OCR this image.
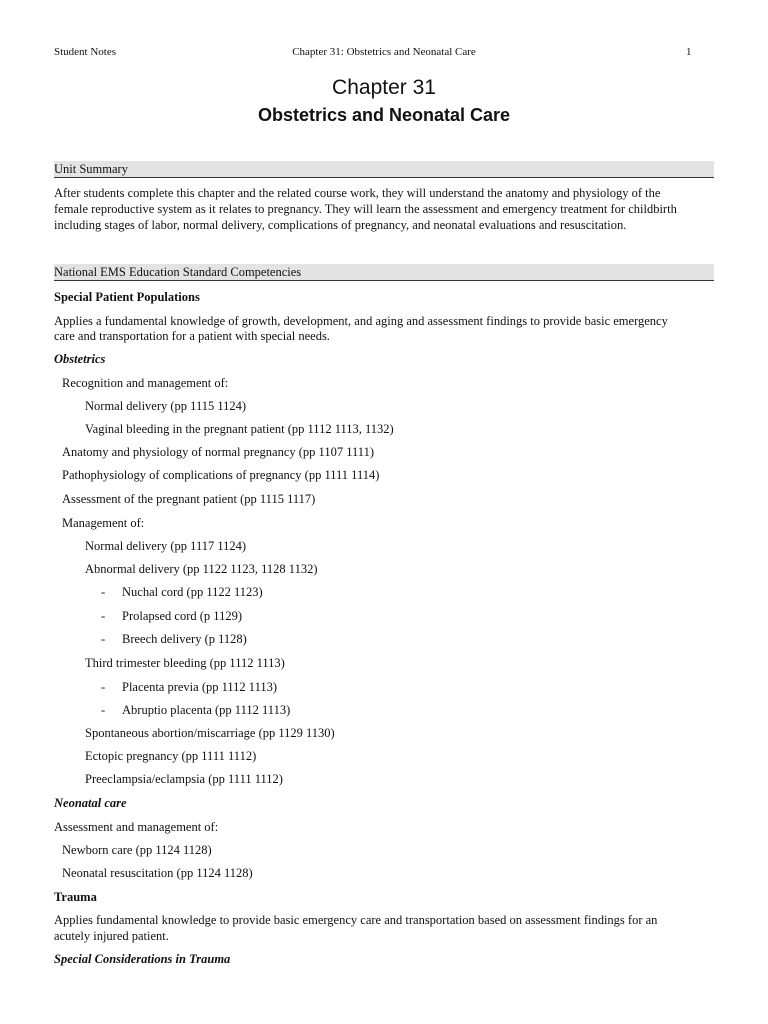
Student Notes	Chapter 31: Obstetrics and Neonatal Care	1
Chapter 31
Obstetrics and Neonatal Care
Unit Summary
After students complete this chapter and the related course work, they will understand the anatomy and physiology of the
female reproductive system as it relates to pregnancy. They will learn the assessment and emergency treatment for childbirth
including stages of labor, normal delivery, complications of pregnancy, and neonatal evaluations and resuscitation.
National EMS Education Standard Competencies
Special Patient Populations
Applies a fundamental knowledge of growth, development, and aging and assessment findings to provide basic emergency
care and transportation for a patient with special needs.
Obstetrics
Recognition and management of:
Normal delivery (pp 1115 1124)
Vaginal bleeding in the pregnant patient (pp 1112 1113, 1132)
Anatomy and physiology of normal pregnancy (pp 1107 1111)
Pathophysiology of complications of pregnancy (pp 1111 1114)
Assessment of the pregnant patient (pp 1115 1117)
Management of:
Normal delivery (pp 1117 1124)
Abnormal delivery (pp 1122 1123, 1128 1132)
- Nuchal cord (pp 1122 1123)
- Prolapsed cord (p 1129)
- Breech delivery (p 1128)
Third trimester bleeding (pp 1112 1113)
- Placenta previa (pp 1112 1113)
- Abruptio placenta (pp 1112 1113)
Spontaneous abortion/miscarriage (pp 1129 1130)
Ectopic pregnancy (pp 1111 1112)
Preeclampsia/eclampsia (pp 1111 1112)
Neonatal care
Assessment and management of:
Newborn care (pp 1124 1128)
Neonatal resuscitation (pp 1124 1128)
Trauma
Applies fundamental knowledge to provide basic emergency care and transportation based on assessment findings for an
acutely injured patient.
Special Considerations in Trauma
